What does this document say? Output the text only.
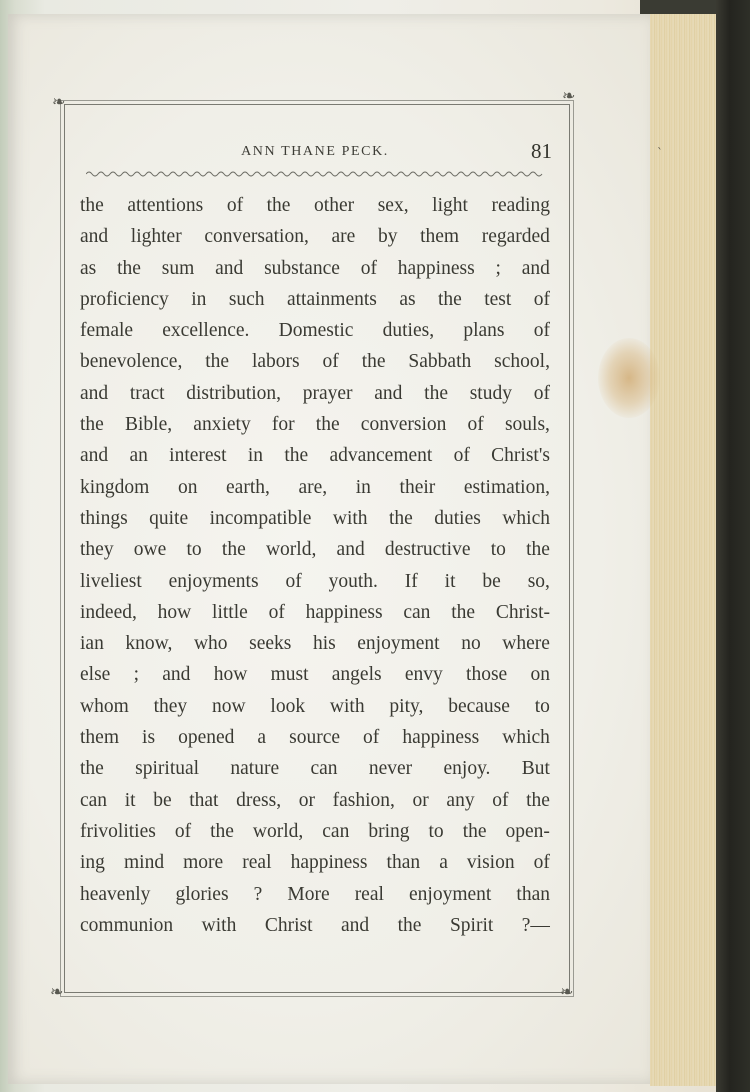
`
❧	❧
❧	❧
ANN THANE PECK.	81
the attentions of the other sex, light reading
and lighter conversation, are by them regarded
as the sum and substance of happiness ; and
proficiency in such attainments as the test of
female excellence. Domestic duties, plans of
benevolence, the labors of the Sabbath school,
and tract distribution, prayer and the study of
the Bible, anxiety for the conversion of souls,
and an interest in the advancement of Christ's
kingdom on earth, are, in their estimation,
things quite incompatible with the duties which
they owe to the world, and destructive to the
liveliest enjoyments of youth. If it be so,
indeed, how little of happiness can the Christ-
ian know, who seeks his enjoyment no where
else ; and how must angels envy those on
whom they now look with pity, because to
them is opened a source of happiness which
the spiritual nature can never enjoy. But
can it be that dress, or fashion, or any of the
frivolities of the world, can bring to the open-
ing mind more real happiness than a vision of
heavenly glories ? More real enjoyment than
communion with Christ and the Spirit ?—
